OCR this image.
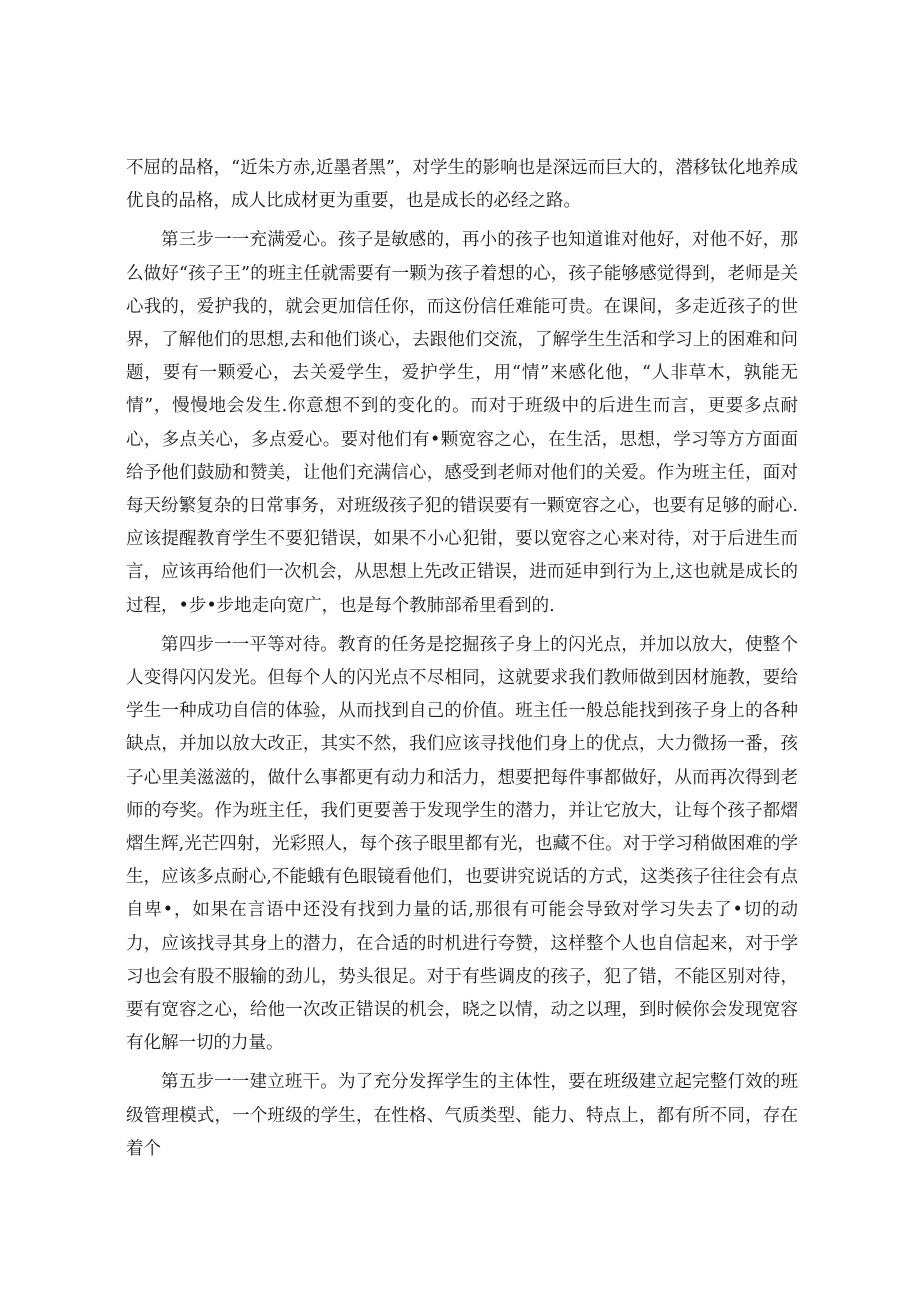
不屈的品格，“近朱方赤,近墨者黑”，对学生的影响也是深远而巨大的，潜移钛化地养成优良的品格，成人比成材更为重要，也是成长的必经之路。

第三步一一充满爱心。孩子是敏感的，再小的孩子也知道谁对他好，对他不好，那么做好“孩子王”的班主任就需要有一颗为孩子着想的心，孩子能够感觉得到，老师是关心我的，爱护我的，就会更加信任你，而这份信任难能可贵。在课间，多走近孩子的世界，了解他们的思想,去和他们谈心，去跟他们交流，了解学生生活和学习上的困难和问题，要有一颗爱心，去关爱学生，爱护学生，用“情”来感化他，“人非草木，孰能无情”，慢慢地会发生.你意想不到的变化的。而对于班级中的后进生而言，更要多点耐心，多点关心，多点爱心。要对他们有•颗宽容之心，在生活，思想，学习等方方面面给予他们鼓励和赞美，让他们充满信心，感受到老师对他们的关爱。作为班主任，面对每天纷繁复杂的日常事务，对班级孩子犯的错误要有一颗宽容之心，也要有足够的耐心.应该提醒教育学生不要犯错误，如果不小心犯钳，要以宽容之心来对待，对于后进生而言，应该再给他们一次机会，从思想上先改正错误，进而延申到行为上,这也就是成长的过程，•步•步地走向宽广，也是每个教肺部希里看到的.

第四步一一平等对待。教育的任务是挖掘孩子身上的闪光点，并加以放大，使整个人变得闪闪发光。但每个人的闪光点不尽相同，这就要求我们教师做到因材施教，要给学生一种成功自信的体验，从而找到自己的价值。班主任一般总能找到孩子身上的各种缺点，并加以放大改正，其实不然，我们应该寻找他们身上的优点，大力微扬一番，孩子心里美滋滋的，做什么事都更有动力和活力，想要把每件事都做好，从而再次得到老师的夸奖。作为班主任，我们更要善于发现学生的潜力，并让它放大，让每个孩子都熠熠生辉,光芒四射，光彩照人，每个孩子眼里都有光，也藏不住。对于学习稍做困难的学生，应该多点耐心,不能蛾有色眼镜看他们，也要讲究说话的方式，这类孩子往往会有点自卑•，如果在言语中还没有找到力量的话,那很有可能会导致对学习失去了•切的动力，应该找寻其身上的潜力，在合适的时机进行夸赞，这样整个人也自信起来，对于学习也会有股不服输的劲儿，势头很足。对于有些调皮的孩子，犯了错，不能区别对待，要有宽容之心，给他一次改正错误的机会，晓之以情，动之以理，到时候你会发现宽容有化解一切的力量。

第五步一一建立班干。为了充分发挥学生的主体性，要在班级建立起完整仃效的班级管理模式，一个班级的学生，在性格、气质类型、能力、特点上，都有所不同，存在着个
